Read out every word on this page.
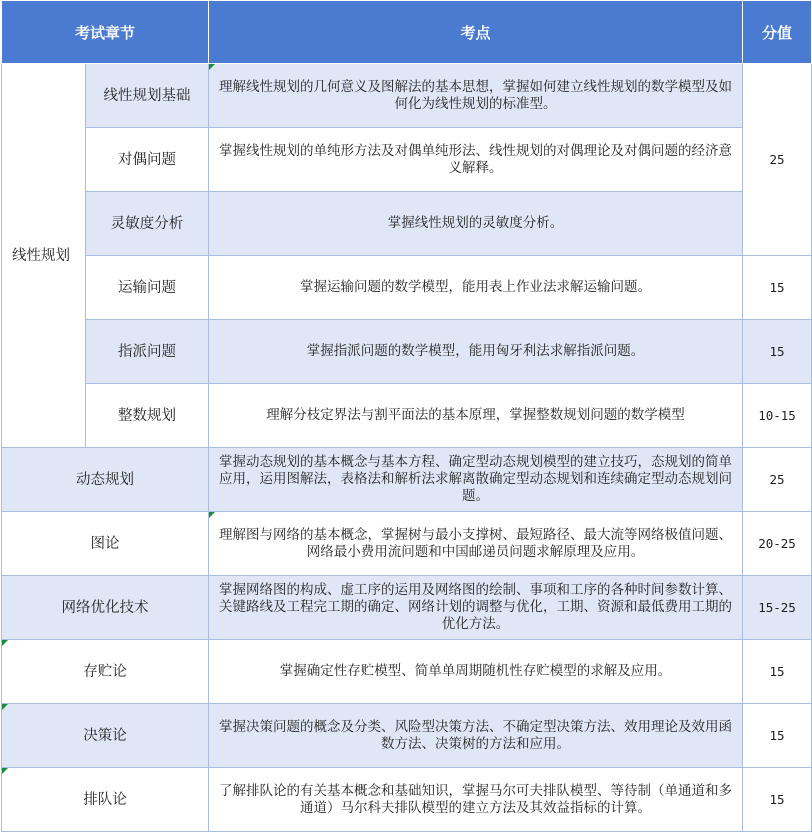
考试章节		考点	分值
线性规划	线性规划基础	理解线性规划的几何意义及图解法的基本思想，掌握如何建立线性规划的数学模型及如何化为线性规划的标准型。	25
	对偶问题	掌握线性规划的单纯形方法及对偶单纯形法、线性规划的对偶理论及对偶问题的经济意义解释。	
	灵敏度分析	掌握线性规划的灵敏度分析。	
	运输问题	掌握运输问题的数学模型，能用表上作业法求解运输问题。	15
	指派问题	掌握指派问题的数学模型，能用匈牙利法求解指派问题。	15
	整数规划	理解分枝定界法与割平面法的基本原理，掌握整数规划问题的数学模型	10-15
动态规划		掌握动态规划的基本概念与基本方程、确定型动态规划模型的建立技巧，态规划的简单应用，运用图解法，表格法和解析法求解离散确定型动态规划和连续确定型动态规划问题。	25
图论		理解图与网络的基本概念，掌握树与最小支撑树、最短路径、最大流等网络极值问题、网络最小费用流问题和中国邮递员问题求解原理及应用。	20-25
网络优化技术		掌握网络图的构成、虚工序的运用及网络图的绘制、事项和工序的各种时间参数计算、关键路线及工程完工期的确定、网络计划的调整与优化，工期、资源和最低费用工期的优化方法。	15-25
存贮论		掌握确定性存贮模型、简单单周期随机性存贮模型的求解及应用。	15
决策论		掌握决策问题的概念及分类、风险型决策方法、不确定型决策方法、效用理论及效用函数方法、决策树的方法和应用。	15
排队论		了解排队论的有关基本概念和基础知识，掌握马尔可夫排队模型、等待制（单通道和多通道）马尔科夫排队模型的建立方法及其效益指标的计算。	15
